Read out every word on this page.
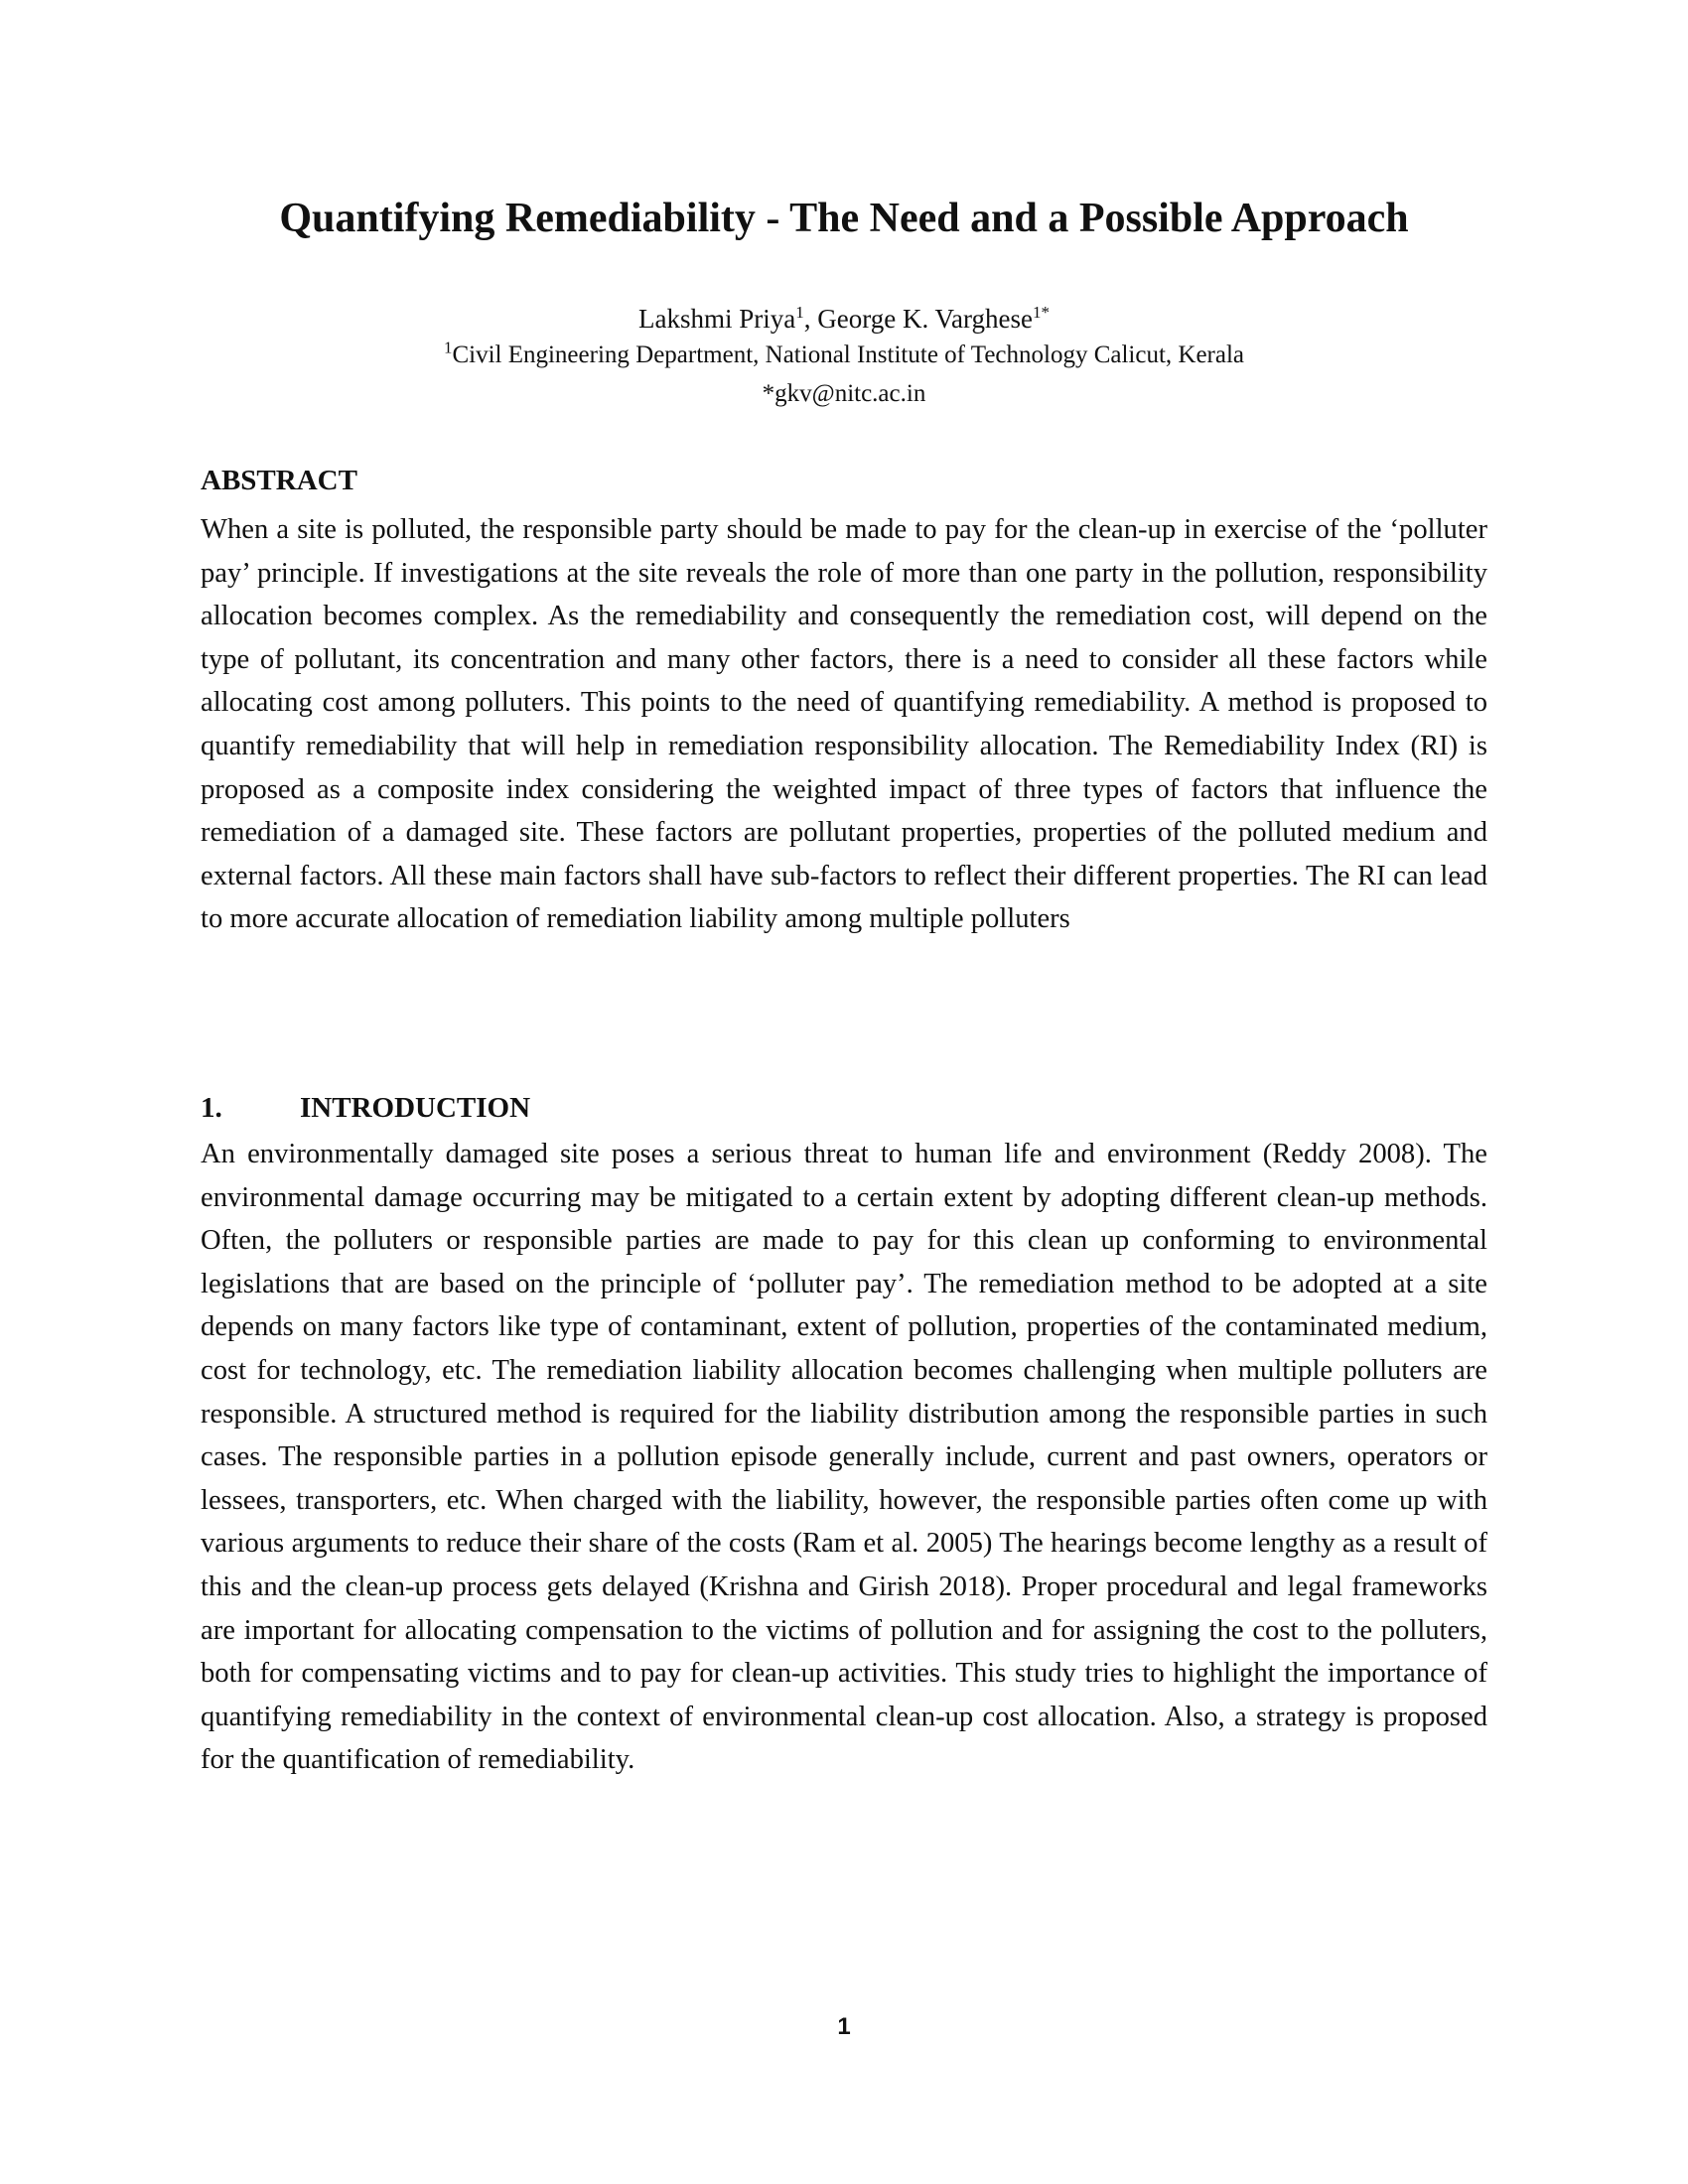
Quantifying Remediability - The Need and a Possible Approach
Lakshmi Priya$^1$, George K. Varghese$^{1*}$
$^1$Civil Engineering Department, National Institute of Technology Calicut, Kerala
*gkv@nitc.ac.in
ABSTRACT

When a site is polluted, the responsible party should be made to pay for the clean-up in exercise of the ‘polluter pay’ principle. If investigations at the site reveals the role of more than one party in the pollution, responsibility allocation becomes complex. As the remediability and consequently the remediation cost, will depend on the type of pollutant, its concentration and many other factors, there is a need to consider all these factors while allocating cost among polluters. This points to the need of quantifying remediability. A method is proposed to quantify remediability that will help in remediation responsibility allocation. The Remediability Index (RI) is proposed as a composite index considering the weighted impact of three types of factors that influence the remediation of a damaged site. These factors are pollutant properties, properties of the polluted medium and external factors. All these main factors shall have sub-factors to reflect their different properties. The RI can lead to more accurate allocation of remediation liability among multiple polluters

1.	INTRODUCTION

An environmentally damaged site poses a serious threat to human life and environment (Reddy 2008). The environmental damage occurring may be mitigated to a certain extent by adopting different clean-up methods. Often, the polluters or responsible parties are made to pay for this clean up conforming to environmental legislations that are based on the principle of ‘polluter pay’. The remediation method to be adopted at a site depends on many factors like type of contaminant, extent of pollution, properties of the contaminated medium, cost for technology, etc. The remediation liability allocation becomes challenging when multiple polluters are responsible. A structured method is required for the liability distribution among the responsible parties in such cases. The responsible parties in a pollution episode generally include, current and past owners, operators or lessees, transporters, etc. When charged with the liability, however, the responsible parties often come up with various arguments to reduce their share of the costs (Ram et al. 2005) The hearings become lengthy as a result of this and the clean-up process gets delayed (Krishna and Girish 2018). Proper procedural and legal frameworks are important for allocating compensation to the victims of pollution and for assigning the cost to the polluters, both for compensating victims and to pay for clean-up activities. This study tries to highlight the importance of quantifying remediability in the context of environmental clean-up cost allocation. Also, a strategy is proposed for the quantification of remediability.

1
